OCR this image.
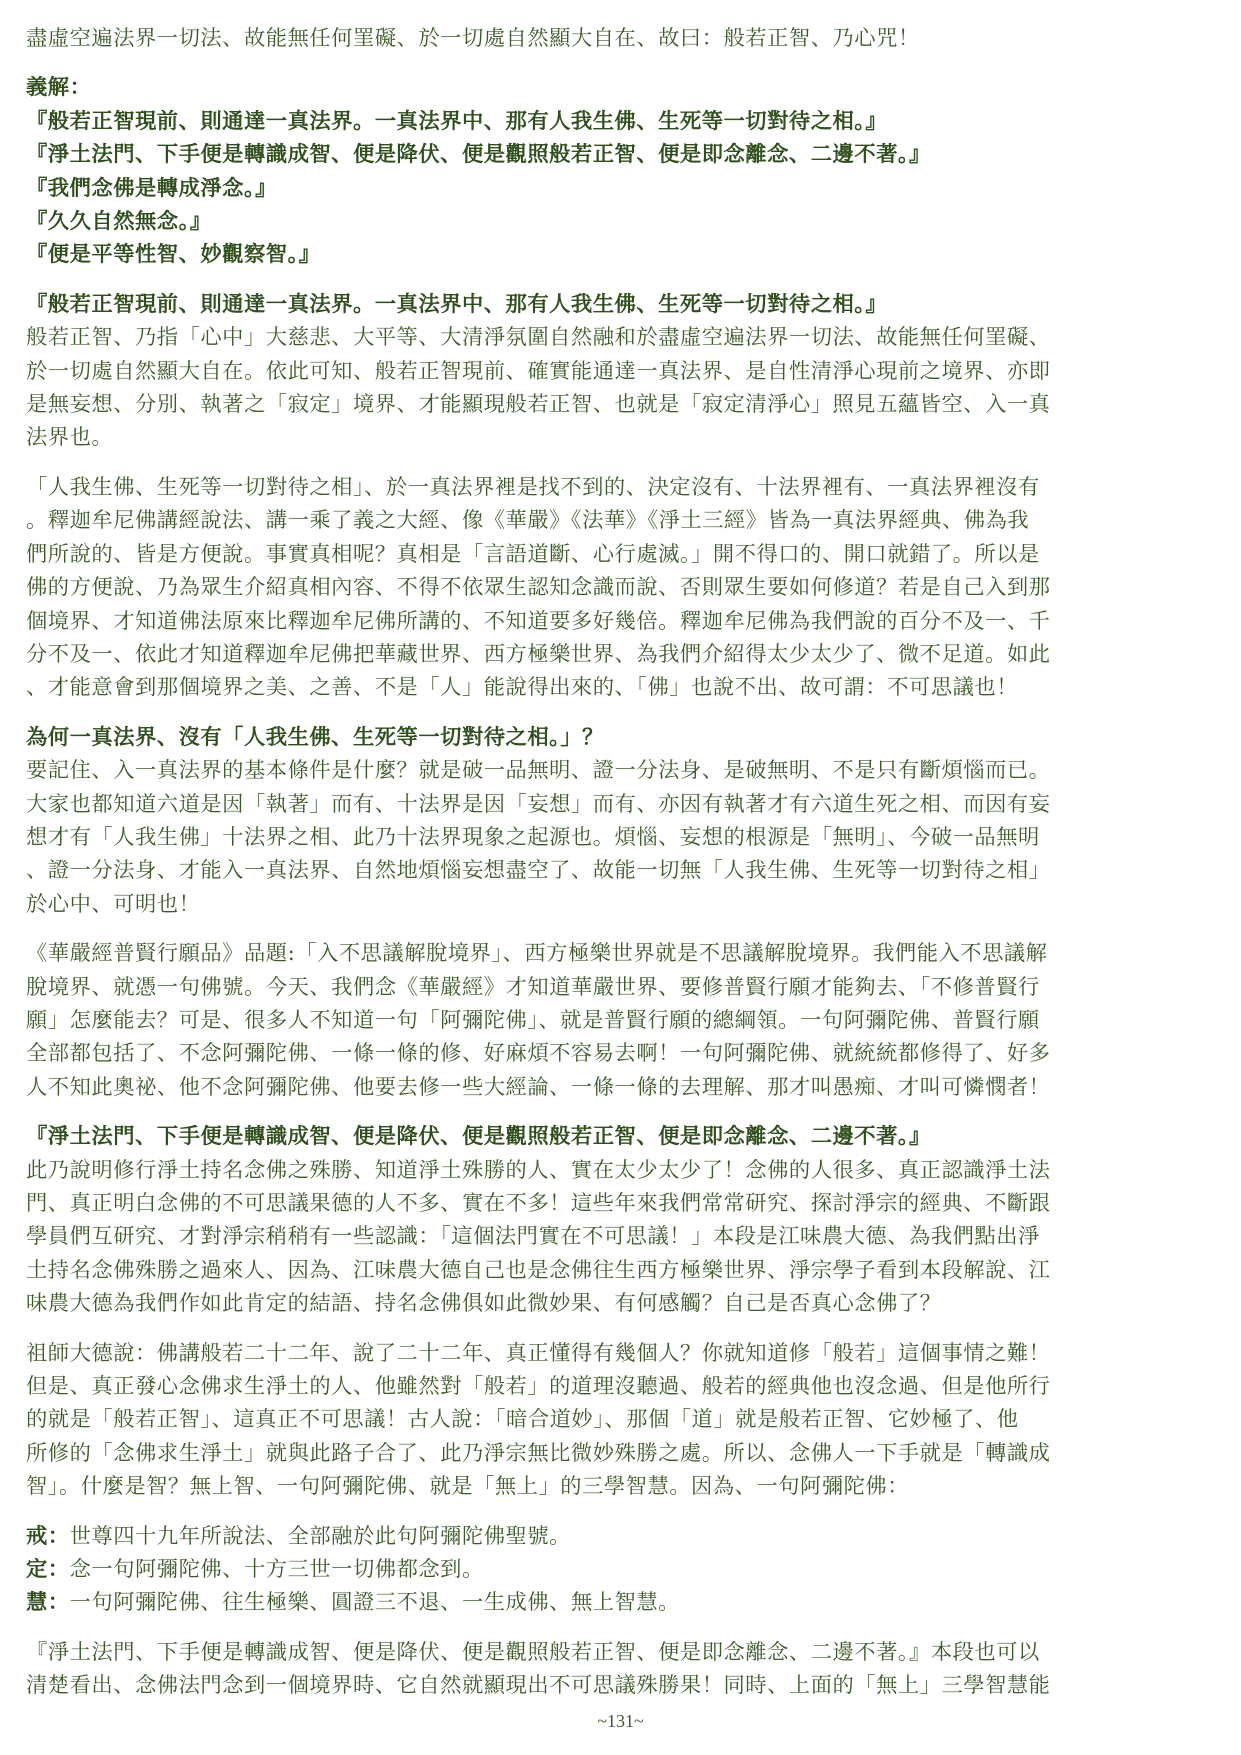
盡虛空遍法界一切法、故能無任何罣礙、於一切處自然顯大自在、故曰：般若正智、乃心咒！

義解：

『般若正智現前、則通達一真法界。一真法界中、那有人我生佛、生死等一切對待之相。』

『淨土法門、下手便是轉識成智、便是降伏、便是觀照般若正智、便是即念離念、二邊不著。』

『我們念佛是轉成淨念。』

『久久自然無念。』

『便是平等性智、妙觀察智。』

『般若正智現前、則通達一真法界。一真法界中、那有人我生佛、生死等一切對待之相。』

般若正智、乃指「心中」大慈悲、大平等、大清淨氛圍自然融和於盡虛空遍法界一切法、故能無任何罣礙、

於一切處自然顯大自在。依此可知、般若正智現前、確實能通達一真法界、是自性清淨心現前之境界、亦即

是無妄想、分別、執著之「寂定」境界、才能顯現般若正智、也就是「寂定清淨心」照見五蘊皆空、入一真

法界也。

「人我生佛、生死等一切對待之相」、於一真法界裡是找不到的、決定沒有、十法界裡有、一真法界裡沒有

。釋迦牟尼佛講經說法、講一乘了義之大經、像《華嚴》《法華》《淨土三經》皆為一真法界經典、佛為我

們所說的、皆是方便說。事實真相呢？真相是「言語道斷、心行處滅。」開不得口的、開口就錯了。所以是

佛的方便說、乃為眾生介紹真相內容、不得不依眾生認知念識而說、否則眾生要如何修道？若是自己入到那

個境界、才知道佛法原來比釋迦牟尼佛所講的、不知道要多好幾倍。釋迦牟尼佛為我們說的百分不及一、千

分不及一、依此才知道釋迦牟尼佛把華藏世界、西方極樂世界、為我們介紹得太少太少了、微不足道。如此

、才能意會到那個境界之美、之善、不是「人」能說得出來的、「佛」也說不出、故可謂：不可思議也！

為何一真法界、沒有「人我生佛、生死等一切對待之相。」？

要記住、入一真法界的基本條件是什麼？就是破一品無明、證一分法身、是破無明、不是只有斷煩惱而已。

大家也都知道六道是因「執著」而有、十法界是因「妄想」而有、亦因有執著才有六道生死之相、而因有妄

想才有「人我生佛」十法界之相、此乃十法界現象之起源也。煩惱、妄想的根源是「無明」、今破一品無明

、證一分法身、才能入一真法界、自然地煩惱妄想盡空了、故能一切無「人我生佛、生死等一切對待之相」

於心中、可明也！

《華嚴經普賢行願品》品題:「入不思議解脫境界」、西方極樂世界就是不思議解脫境界。我們能入不思議解

脫境界、就憑一句佛號。今天、我們念《華嚴經》才知道華嚴世界、要修普賢行願才能夠去、「不修普賢行

願」怎麼能去？可是、很多人不知道一句「阿彌陀佛」、就是普賢行願的總綱領。一句阿彌陀佛、普賢行願

全部都包括了、不念阿彌陀佛、一條一條的修、好麻煩不容易去啊！一句阿彌陀佛、就統統都修得了、好多

人不知此奧祕、他不念阿彌陀佛、他要去修一些大經論、一條一條的去理解、那才叫愚痴、才叫可憐憫者！

『淨土法門、下手便是轉識成智、便是降伏、便是觀照般若正智、便是即念離念、二邊不著。』

此乃說明修行淨土持名念佛之殊勝、知道淨土殊勝的人、實在太少太少了！念佛的人很多、真正認識淨土法

門、真正明白念佛的不可思議果德的人不多、實在不多！這些年來我們常常研究、探討淨宗的經典、不斷跟

學員們互研究、才對淨宗稍稍有一些認識：「這個法門實在不可思議！」本段是江味農大德、為我們點出淨

土持名念佛殊勝之過來人、因為、江味農大德自己也是念佛往生西方極樂世界、淨宗學子看到本段解說、江

味農大德為我們作如此肯定的結語、持名念佛俱如此微妙果、有何感觸？自己是否真心念佛了？

祖師大德說：佛講般若二十二年、說了二十二年、真正懂得有幾個人？你就知道修「般若」這個事情之難！

但是、真正發心念佛求生淨土的人、他雖然對「般若」的道理沒聽過、般若的經典他也沒念過、但是他所行

的就是「般若正智」、這真正不可思議！古人說：「暗合道妙」、那個「道」就是般若正智、它妙極了、他

所修的「念佛求生淨土」就與此路子合了、此乃淨宗無比微妙殊勝之處。所以、念佛人一下手就是「轉識成

智」。什麼是智？無上智、一句阿彌陀佛、就是「無上」的三學智慧。因為、一句阿彌陀佛：

戒：世尊四十九年所說法、全部融於此句阿彌陀佛聖號。

定：念一句阿彌陀佛、十方三世一切佛都念到。

慧：一句阿彌陀佛、往生極樂、圓證三不退、一生成佛、無上智慧。

『淨土法門、下手便是轉識成智、便是降伏、便是觀照般若正智、便是即念離念、二邊不著。』本段也可以

清楚看出、念佛法門念到一個境界時、它自然就顯現出不可思議殊勝果！同時、上面的「無上」三學智慧能

~131~
